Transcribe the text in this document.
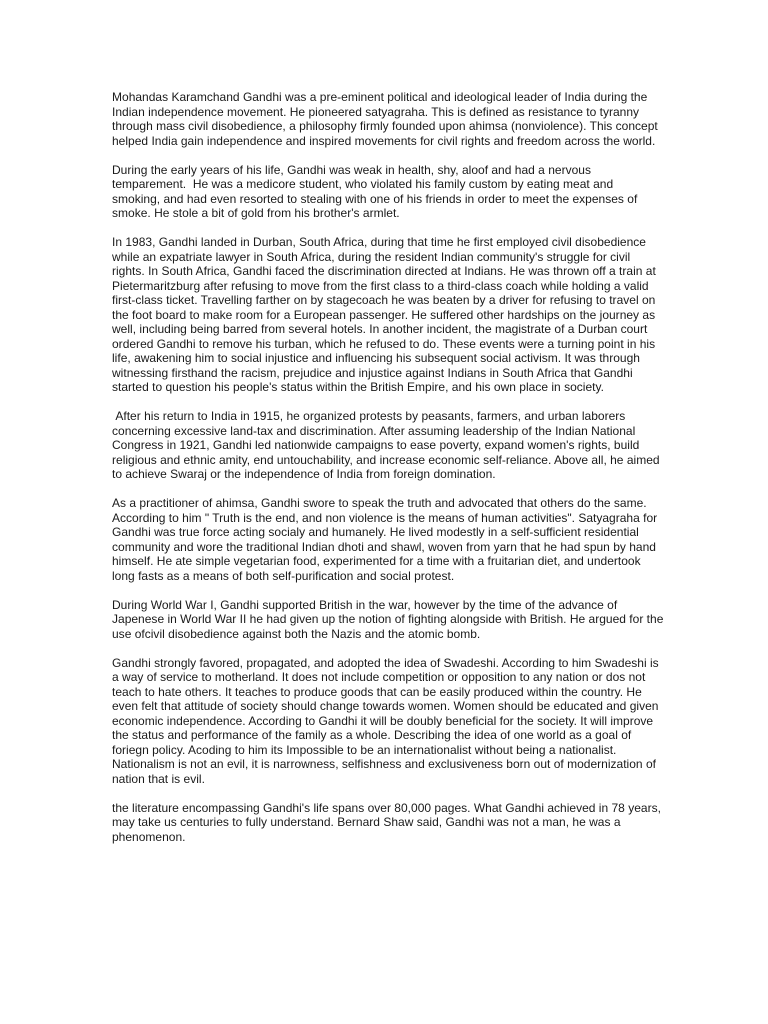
Mohandas Karamchand Gandhi was a pre-eminent political and ideological leader of India during the Indian independence movement. He pioneered satyagraha. This is defined as resistance to tyranny through mass civil disobedience, a philosophy firmly founded upon ahimsa (nonviolence). This concept helped India gain independence and inspired movements for civil rights and freedom across the world.

During the early years of his life, Gandhi was weak in health, shy, aloof and had a nervous temparement.  He was a medicore student, who violated his family custom by eating meat and smoking, and had even resorted to stealing with one of his friends in order to meet the expenses of smoke. He stole a bit of gold from his brother's armlet.

In 1983, Gandhi landed in Durban, South Africa, during that time he first employed civil disobedience while an expatriate lawyer in South Africa, during the resident Indian community's struggle for civil rights. In South Africa, Gandhi faced the discrimination directed at Indians. He was thrown off a train at Pietermaritzburg after refusing to move from the first class to a third-class coach while holding a valid first-class ticket. Travelling farther on by stagecoach he was beaten by a driver for refusing to travel on the foot board to make room for a European passenger. He suffered other hardships on the journey as well, including being barred from several hotels. In another incident, the magistrate of a Durban court ordered Gandhi to remove his turban, which he refused to do. These events were a turning point in his life, awakening him to social injustice and influencing his subsequent social activism. It was through witnessing firsthand the racism, prejudice and injustice against Indians in South Africa that Gandhi started to question his people's status within the British Empire, and his own place in society.

After his return to India in 1915, he organized protests by peasants, farmers, and urban laborers concerning excessive land-tax and discrimination. After assuming leadership of the Indian National Congress in 1921, Gandhi led nationwide campaigns to ease poverty, expand women's rights, build religious and ethnic amity, end untouchability, and increase economic self-reliance. Above all, he aimed to achieve Swaraj or the independence of India from foreign domination.

As a practitioner of ahimsa, Gandhi swore to speak the truth and advocated that others do the same. According to him " Truth is the end, and non violence is the means of human activities". Satyagraha for Gandhi was true force acting socialy and humanely. He lived modestly in a self-sufficient residential community and wore the traditional Indian dhoti and shawl, woven from yarn that he had spun by hand himself. He ate simple vegetarian food, experimented for a time with a fruitarian diet, and undertook long fasts as a means of both self-purification and social protest.

During World War I, Gandhi supported British in the war, however by the time of the advance of Japenese in World War II he had given up the notion of fighting alongside with British. He argued for the use ofcivil disobedience against both the Nazis and the atomic bomb.

Gandhi strongly favored, propagated, and adopted the idea of Swadeshi. According to him Swadeshi is a way of service to motherland. It does not include competition or opposition to any nation or dos not teach to hate others. It teaches to produce goods that can be easily produced within the country. He even felt that attitude of society should change towards women. Women should be educated and given economic independence. According to Gandhi it will be doubly beneficial for the society. It will improve the status and performance of the family as a whole. Describing the idea of one world as a goal of foriegn policy. Acoding to him its Impossible to be an internationalist without being a nationalist. Nationalism is not an evil, it is narrowness, selfishness and exclusiveness born out of modernization of nation that is evil.

the literature encompassing Gandhi's life spans over 80,000 pages. What Gandhi achieved in 78 years, may take us centuries to fully understand. Bernard Shaw said, Gandhi was not a man, he was a phenomenon.
